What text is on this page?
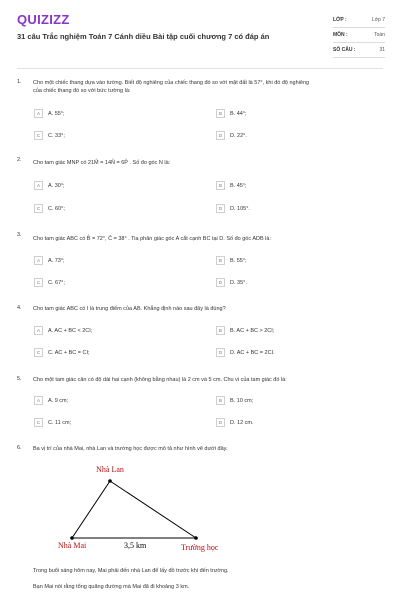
QUIZIZZ
31 câu Trắc nghiệm Toán 7 Cánh diều Bài tập cuối chương 7 có đáp án
LỚP :	Lớp 7
MÔN :	Toán
SỐ CÂU :	31
1. Cho một chiếc thang dựa vào tường. Biết độ nghiêng của chiếc thang đó so với mặt đất là 57°, khi đó độ nghiêng
của chiếc thang đó so với bức tường là:
A	A. 55°;	B	B. 44°;
C	C. 33°;	D	D. 22°.
2. Cho tam giác MNP có 21M̂ = 14N̂ = 6P̂ . Số đo góc N là:
A	A. 30°;	B	B. 45°;
C	C. 60°;	D	D. 105°.
3.
Cho tam giác ABC có B̂ = 72°, Ĉ = 38° . Tia phân giác góc A cắt cạnh BC tại D. Số đo góc ADB là:
A	A. 73°;	B	B. 55°;
C	C. 67°;	D	D. 35°.
4. Cho tam giác ABC có I là trung điểm của AB. Khẳng định nào sau đây là đúng?
A	A. AC + BC < 2CI;	B	B. AC + BC > 2CI;
C	C. AC + BC = CI;	D	D. AC + BC = 2CI.
5. Cho một tam giác cân có độ dài hai cạnh (không bằng nhau) là 2 cm và 5 cm. Chu vi của tam giác đó là:
A	A. 9 cm;	B	B. 10 cm;
C	C. 11 cm;	D	D. 12 cm.
6. Ba vị trí của nhà Mai, nhà Lan và trường học được mô tả như hình vẽ dưới đây.
Nhà Lan
Nhà Mai	Trường học
3,5 km
Trong buổi sáng hôm nay, Mai phải đến nhà Lan để lấy đồ trước khi đến trường.
Bạn Mai nói rằng tổng quãng đường mà Mai đã đi khoảng 3 km.
